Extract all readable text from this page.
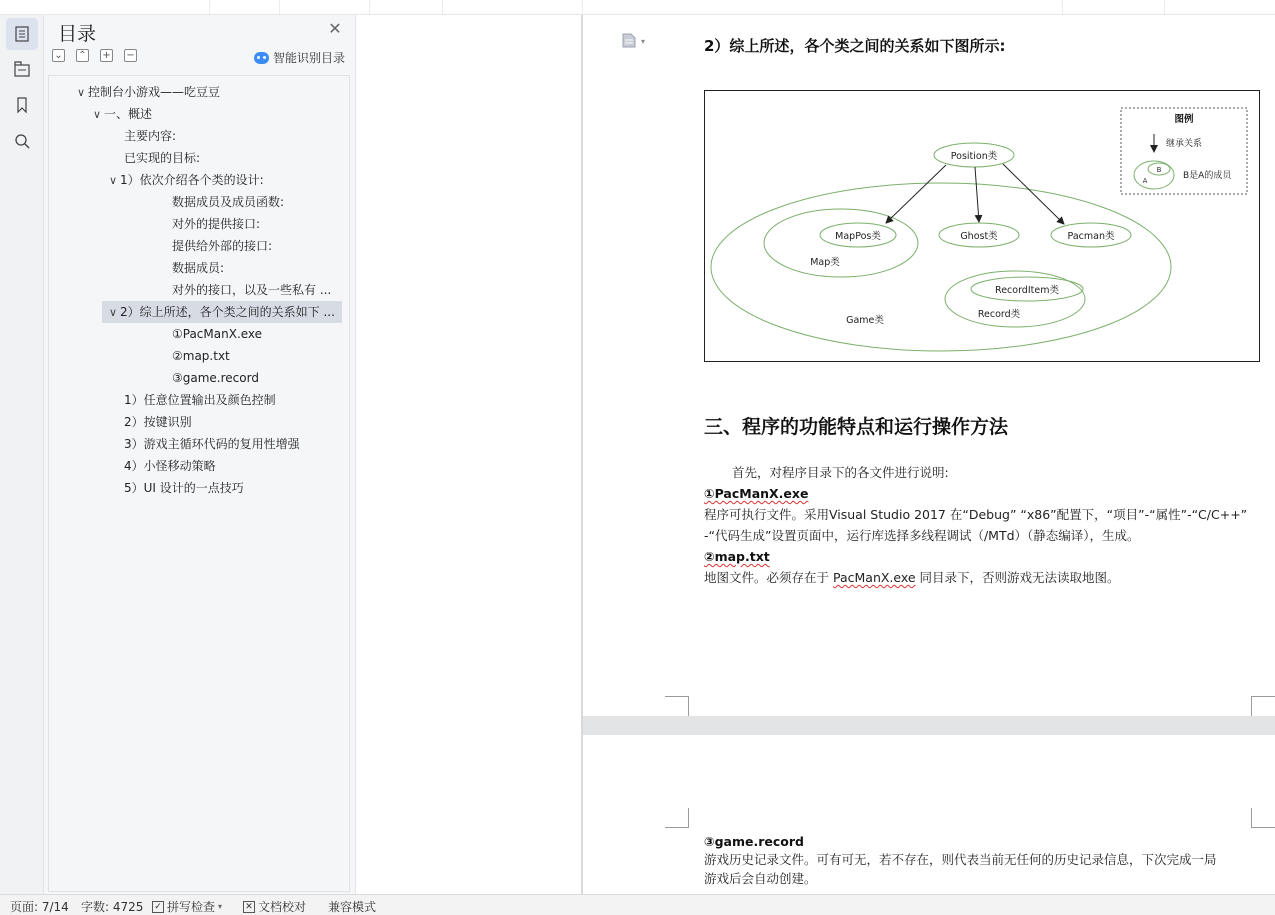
目录	✕
⌄ ⌃ + −	智能识别目录
∨ 控制台小游戏——吃豆豆
∨ 一、概述
主要内容:
已实现的目标:
∨ 1）依次介绍各个类的设计:
数据成员及成员函数:
对外的提供接口:
提供给外部的接口:
数据成员:
对外的接口，以及一些私有 ...
∨ 2）综上所述，各个类之间的关系如下 ...
①PacManX.exe
②map.txt
③game.record
1）任意位置输出及颜色控制
2）按键识别
3）游戏主循环代码的复用性增强
4）小怪移动策略
5）UI 设计的一点技巧
▾	2）综上所述，各个类之间的关系如下图所示:
图例
继承关系
B
A	B是A的成员
Game类
Map类
MapPos类	Ghost类	Pacman类
Record类
RecordItem类
Position类
三、程序的功能特点和运行操作方法
首先，对程序目录下的各文件进行说明:
①PacManX.exe
程序可执行文件。采用Visual Studio 2017 在“Debug” “x86”配置下，“项目”-“属性”-“C/C++”
-“代码生成”设置页面中，运行库选择多线程调试（/MTd）（静态编译），生成。
②map.txt
地图文件。必须存在于 PacManX.exe 同目录下，否则游戏无法读取地图。
③game.record
游戏历史记录文件。可有可无，若不存在，则代表当前无任何的历史记录信息，下次完成一局
游戏后会自动创建。
页面: 7/14 字数: 4725 ✓ 拼写检查 ▾	✕ 文档校对 兼容模式
